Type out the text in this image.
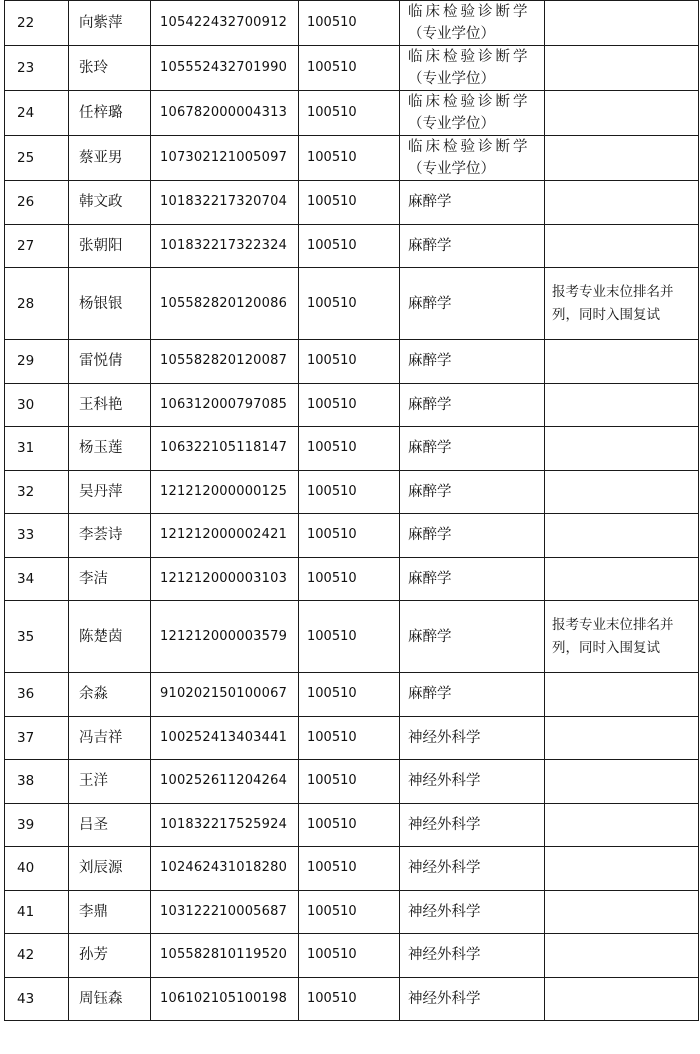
22	向紫萍	105422432700912	100510	临床检验诊断学
（专业学位）	

23	张玲	105552432701990	100510	临床检验诊断学
（专业学位）	

24	任梓璐	106782000004313	100510	临床检验诊断学
（专业学位）	

25	蔡亚男	107302121005097	100510	临床检验诊断学
（专业学位）	

26	韩文政	101832217320704	100510	麻醉学	
27	张朝阳	101832217322324	100510	麻醉学	
28	杨银银	105582820120086	100510	麻醉学	报考专业末位排名并列，同时入围复试

29	雷悦倩	105582820120087	100510	麻醉学	
30	王科艳	106312000797085	100510	麻醉学	
31	杨玉莲	106322105118147	100510	麻醉学	
32	吴丹萍	121212000000125	100510	麻醉学	
33	李荟诗	121212000002421	100510	麻醉学	
34	李洁	121212000003103	100510	麻醉学	
35	陈楚茵	121212000003579	100510	麻醉学	报考专业末位排名并列，同时入围复试

36	余淼	910202150100067	100510	麻醉学	
37	冯吉祥	100252413403441	100510	神经外科学	
38	王洋	100252611204264	100510	神经外科学	
39	吕圣	101832217525924	100510	神经外科学	
40	刘辰源	102462431018280	100510	神经外科学	
41	李鼎	103122210005687	100510	神经外科学	
42	孙芳	105582810119520	100510	神经外科学	
43	周钰森	106102105100198	100510	神经外科学	
